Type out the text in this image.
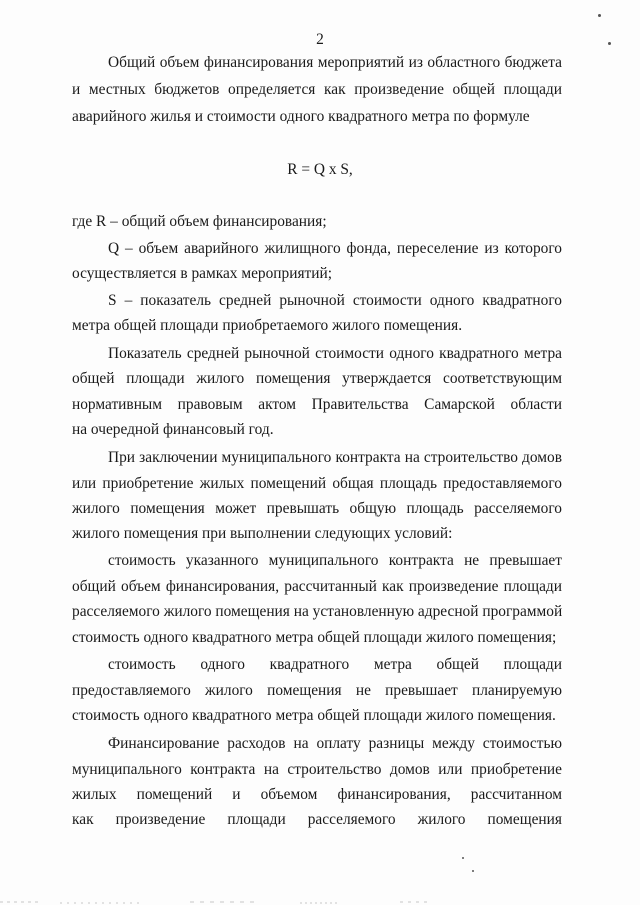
2
Общий объем финансирования мероприятий из областного бюджета
и местных бюджетов определяется как произведение общей площади
аварийного жилья и стоимости одного квадратного метра по формуле
R = Q x S,
где R – общий объем финансирования;
Q – объем аварийного жилищного фонда, переселение из которого
осуществляется в рамках мероприятий;
S – показатель средней рыночной стоимости одного квадратного
метра общей площади приобретаемого жилого помещения.
Показатель средней рыночной стоимости одного квадратного метра
общей площади жилого помещения утверждается соответствующим
нормативным правовым актом Правительства Самарской области
на очередной финансовый год.
При заключении муниципального контракта на строительство домов
или приобретение жилых помещений общая площадь предоставляемого
жилого помещения может превышать общую площадь расселяемого
жилого помещения при выполнении следующих условий:
стоимость указанного муниципального контракта не превышает
общий объем финансирования, рассчитанный как произведение площади
расселяемого жилого помещения на установленную адресной программой
стоимость одного квадратного метра общей площади жилого помещения;
стоимость одного квадратного метра общей площади
предоставляемого жилого помещения не превышает планируемую
стоимость одного квадратного метра общей площади жилого помещения.
Финансирование расходов на оплату разницы между стоимостью
муниципального контракта на строительство домов или приобретение
жилых помещений и объемом финансирования, рассчитанном
как произведение площади расселяемого жилого помещения
